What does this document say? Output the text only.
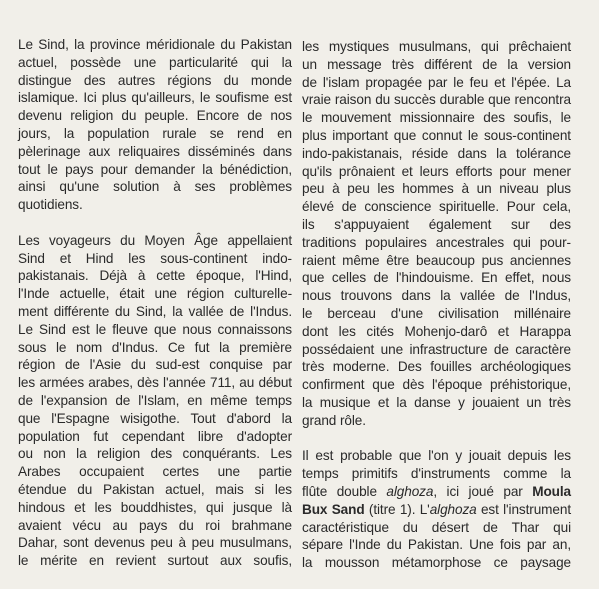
Le Sind, la province méridionale du Pakistan
actuel, possède une particularité qui la
distingue des autres régions du monde
islamique. Ici plus qu'ailleurs, le soufisme est
devenu religion du peuple. Encore de nos
jours, la population rurale se rend en
pèlerinage aux reliquaires disséminés dans
tout le pays pour demander la bénédiction,
ainsi qu'une solution à ses problèmes
quotidiens.

Les voyageurs du Moyen Âge appellaient
Sind et Hind les sous-continent indo-
pakistanais. Déjà à cette époque, l'Hind,
l'Inde actuelle, était une région culturelle-
ment différente du Sind, la vallée de l'Indus.
Le Sind est le fleuve que nous connaissons
sous le nom d'Indus. Ce fut la première
région de l'Asie du sud-est conquise par
les armées arabes, dès l'année 711, au début
de l'expansion de l'Islam, en même temps
que l'Espagne wisigothe. Tout d'abord la
population fut cependant libre d'adopter
ou non la religion des conquérants. Les
Arabes occupaient certes une partie
étendue du Pakistan actuel, mais si les
hindous et les bouddhistes, qui jusque là
avaient vécu au pays du roi brahmane
Dahar, sont devenus peu à peu musulmans,
le mérite en revient surtout aux soufis,

les mystiques musulmans, qui prêchaient
un message très différent de la version
de l'islam propagée par le feu et l'épée. La
vraie raison du succès durable que rencontra
le mouvement missionnaire des soufis, le
plus important que connut le sous-continent
indo-pakistanais, réside dans la tolérance
qu'ils prônaient et leurs efforts pour mener
peu à peu les hommes à un niveau plus
élevé de conscience spirituelle. Pour cela,
ils s'appuyaient également sur des
traditions populaires ancestrales qui pour-
raient même être beaucoup pus anciennes
que celles de l'hindouisme. En effet, nous
nous trouvons dans la vallée de l'Indus,
le berceau d'une civilisation millénaire
dont les cités Mohenjo-darô et Harappa
possédaient une infrastructure de caractère
très moderne. Des fouilles archéologiques
confirment que dès l'époque préhistorique,
la musique et la danse y jouaient un très
grand rôle.

Il est probable que l'on y jouait depuis les
temps primitifs d'instruments comme la
flûte double alghoza, ici joué par Moula
Bux Sand (titre 1). L'alghoza est l'instrument
caractéristique du désert de Thar qui
sépare l'Inde du Pakistan. Une fois par an,
la mousson métamorphose ce paysage
